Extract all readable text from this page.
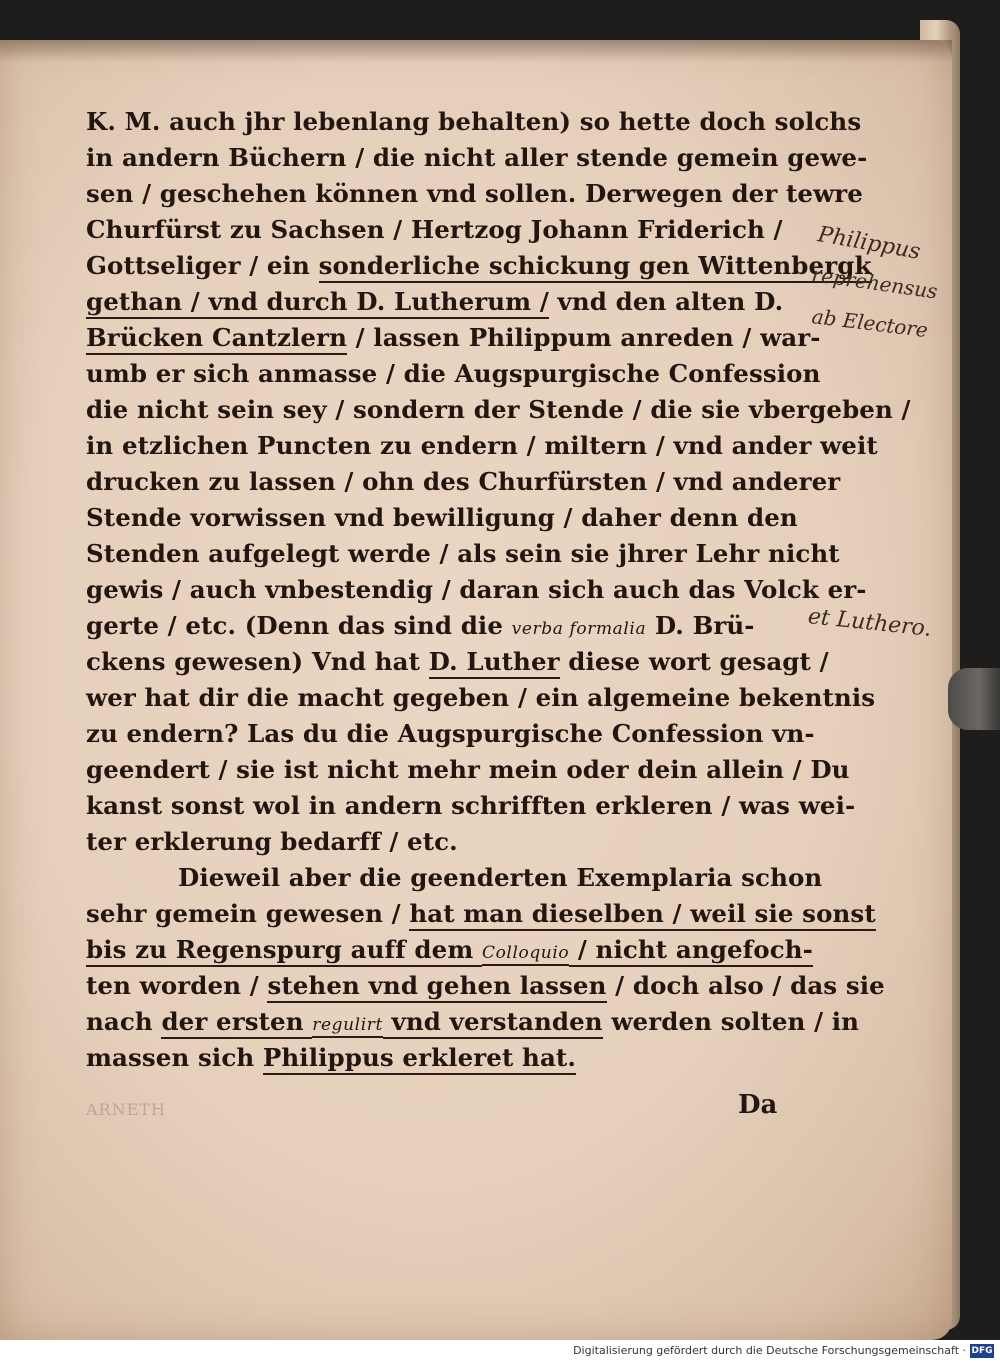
K. M. auch jhr lebenlang behalten) so hette doch solchs
in andern Büchern / die nicht aller stende gemein gewe-
sen / geschehen können vnd sollen. Derwegen der tewre
Churfürst zu Sachsen / Hertzog Johann Friderich /
Gottseliger / ein sonderliche schickung gen Wittenbergk
gethan / vnd durch D. Lutherum / vnd den alten D.
Brücken Cantzlern / lassen Philippum anreden / war-
umb er sich anmasse / die Augspurgische Confession
die nicht sein sey / sondern der Stende / die sie vbergeben /
in etzlichen Puncten zu endern / miltern / vnd ander weit
drucken zu lassen / ohn des Churfürsten / vnd anderer
Stende vorwissen vnd bewilligung / daher denn den
Stenden aufgelegt werde / als sein sie jhrer Lehr nicht
gewis / auch vnbestendig / daran sich auch das Volck er-
gerte / etc. (Denn das sind die verba formalia D. Brü-
ckens gewesen) Vnd hat D. Luther diese wort gesagt /
wer hat dir die macht gegeben / ein algemeine bekentnis
zu endern? Las du die Augspurgische Confession vn-
geendert / sie ist nicht mehr mein oder dein allein / Du
kanst sonst wol in andern schrifften erkleren / was wei-
ter erklerung bedarff / etc.
Dieweil aber die geenderten Exemplaria schon
sehr gemein gewesen / hat man dieselben / weil sie sonst
bis zu Regenspurg auff dem Colloquio / nicht angefoch-
ten worden / stehen vnd gehen lassen / doch also / das sie
nach der ersten regulirt vnd verstanden werden solten / in
massen sich Philippus erkleret hat.
ARNETH	Da
Philippus
reprehensus
ab Electore
et Luthero.
Digitalisierung gefördert durch die Deutsche Forschungsgemeinschaft · DFG
